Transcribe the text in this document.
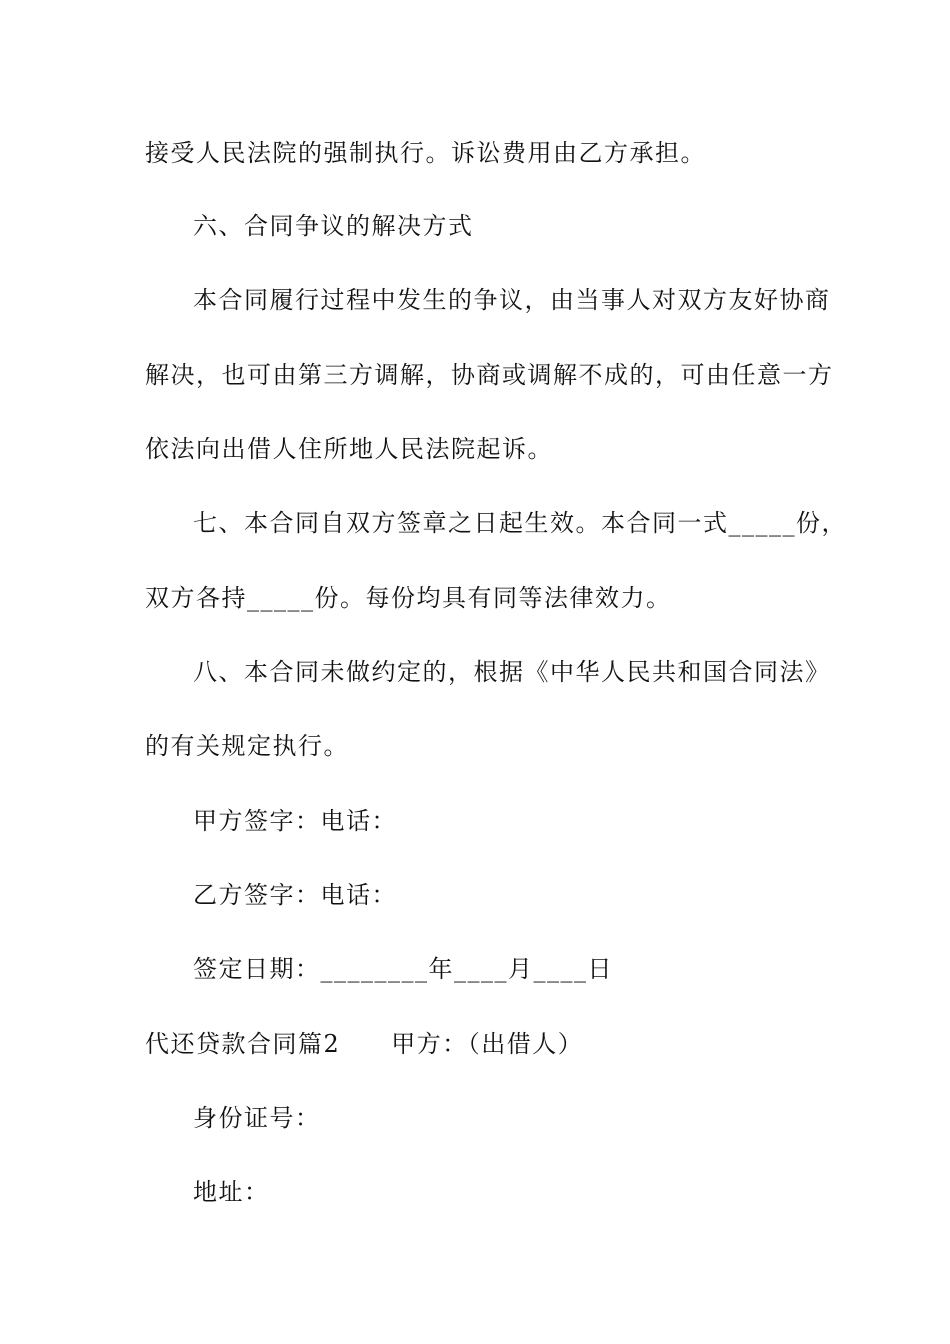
接受人民法院的强制执行。诉讼费用由乙方承担。
六、合同争议的解决方式
本合同履行过程中发生的争议，由当事人对双方友好协商
解决，也可由第三方调解，协商或调解不成的，可由任意一方
依法向出借人住所地人民法院起诉。
七、本合同自双方签章之日起生效。本合同一式_____份，
双方各持_____份。每份均具有同等法律效力。
八、本合同未做约定的，根据《中华人民共和国合同法》
的有关规定执行。
甲方签字：电话：
乙方签字：电话：
签定日期：________年____月____日
代还贷款合同篇2　　甲方：（出借人）
身份证号：
地址：
